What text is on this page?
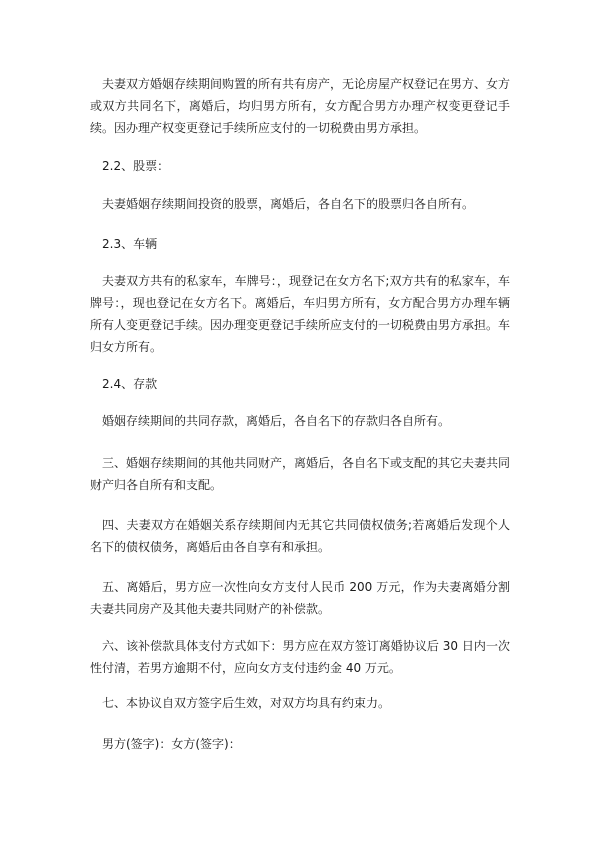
夫妻双方婚姻存续期间购置的所有共有房产，无论房屋产权登记在男方、女方或双方共同名下，离婚后，均归男方所有，女方配合男方办理产权变更登记手续。因办理产权变更登记手续所应支付的一切税费由男方承担。

2.2、股票：

夫妻婚姻存续期间投资的股票，离婚后，各自名下的股票归各自所有。

2.3、车辆

夫妻双方共有的私家车，车牌号：，现登记在女方名下;双方共有的私家车，车牌号：，现也登记在女方名下。离婚后，车归男方所有，女方配合男方办理车辆所有人变更登记手续。因办理变更登记手续所应支付的一切税费由男方承担。车归女方所有。

2.4、存款

婚姻存续期间的共同存款，离婚后，各自名下的存款归各自所有。

三、婚姻存续期间的其他共同财产，离婚后，各自名下或支配的其它夫妻共同财产归各自所有和支配。

四、夫妻双方在婚姻关系存续期间内无其它共同债权债务;若离婚后发现个人名下的债权债务，离婚后由各自享有和承担。

五、离婚后，男方应一次性向女方支付人民币 200 万元，作为夫妻离婚分割夫妻共同房产及其他夫妻共同财产的补偿款。

六、该补偿款具体支付方式如下：男方应在双方签订离婚协议后 30 日内一次性付清，若男方逾期不付，应向女方支付违约金 40 万元。

七、本协议自双方签字后生效，对双方均具有约束力。

男方(签字)：女方(签字)：
